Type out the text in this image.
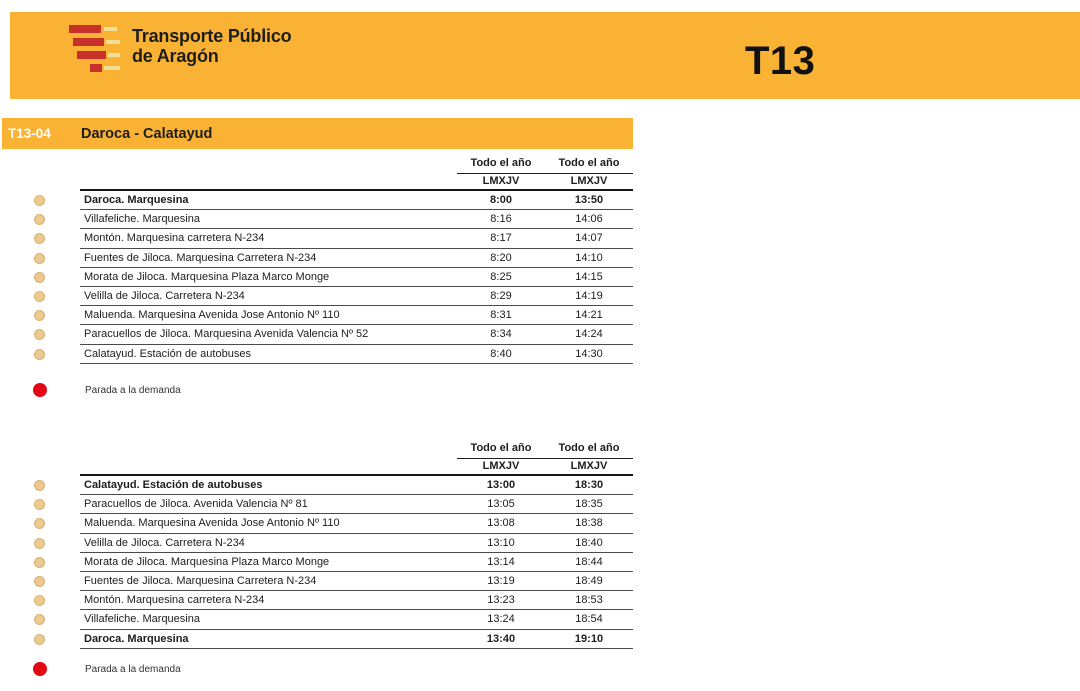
Transporte Público
de Aragón	T13
T13-04	Daroca - Calatayud
Todo el año	Todo el año
LMXJV	LMXJV
Daroca. Marquesina	8:00	13:50
Villafeliche. Marquesina	8:16	14:06
Montón. Marquesina carretera N-234	8:17	14:07
Fuentes de Jiloca. Marquesina Carretera N-234	8:20	14:10
Morata de Jiloca. Marquesina Plaza Marco Monge	8:25	14:15
Velilla de Jiloca. Carretera N-234	8:29	14:19
Maluenda. Marquesina Avenida Jose Antonio Nº 110	8:31	14:21
Paracuellos de Jiloca. Marquesina Avenida Valencia Nº 52	8:34	14:24
Calatayud. Estación de autobuses	8:40	14:30
Parada a la demanda
Todo el año	Todo el año
LMXJV	LMXJV
Calatayud. Estación de autobuses	13:00	18:30
Paracuellos de Jiloca. Avenida Valencia Nº 81	13:05	18:35
Maluenda. Marquesina Avenida Jose Antonio Nº 110	13:08	18:38
Velilla de Jiloca. Carretera N-234	13:10	18:40
Morata de Jiloca. Marquesina Plaza Marco Monge	13:14	18:44
Fuentes de Jiloca. Marquesina Carretera N-234	13:19	18:49
Montón. Marquesina carretera N-234	13:23	18:53
Villafeliche. Marquesina	13:24	18:54
Daroca. Marquesina	13:40	19:10
Parada a la demanda
